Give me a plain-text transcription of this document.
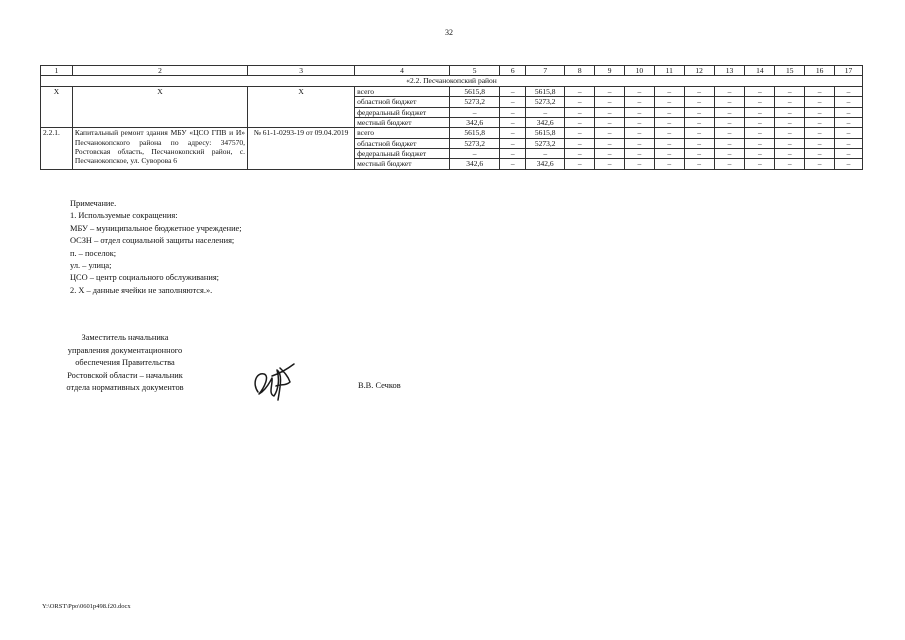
32
1	2	3	4	5	6	7	8	9	10	11	12	13	14	15	16	17
«2.2. Песчанокопский район																
Х	Х	Х	всего	5615,8	–	5615,8	–	–	–	–	–	–	–	–	–	–
			областной бюджет	5273,2	–	5273,2	–	–	–	–	–	–	–	–	–	–
			федеральный бюджет	–	–	–	–	–	–	–	–	–	–	–	–	–
			местный бюджет	342,6	–	342,6	–	–	–	–	–	–	–	–	–	–
2.2.1.	Капитальный ремонт здания МБУ «ЦСО ГПВ и И» Песчанокопского района по адресу: 347570, Ростовская область, Песчанокопский район, с. Песчанокопское, ул. Суворова 6	№ 61-1-0293-19 от 09.04.2019	всего	5615,8	–	5615,8	–	–	–	–	–	–	–	–	–	–
			областной бюджет	5273,2	–	5273,2	–	–	–	–	–	–	–	–	–	–
			федеральный бюджет	–	–	–	–	–	–	–	–	–	–	–	–	–
			местный бюджет	342,6	–	342,6	–	–	–	–	–	–	–	–	–	–
Примечание.
1. Используемые сокращения:
МБУ – муниципальное бюджетное учреждение;
ОСЗН – отдел социальной защиты населения;
п. – поселок;
ул. – улица;
ЦСО – центр социального обслуживания;
2. Х – данные ячейки не заполняются.».
Заместитель начальника
управления документационного
обеспечения Правительства
Ростовской области – начальник
отдела нормативных документов	В.В. Сечков
Y:\ORST\Ppo\0601p498.f20.docx
